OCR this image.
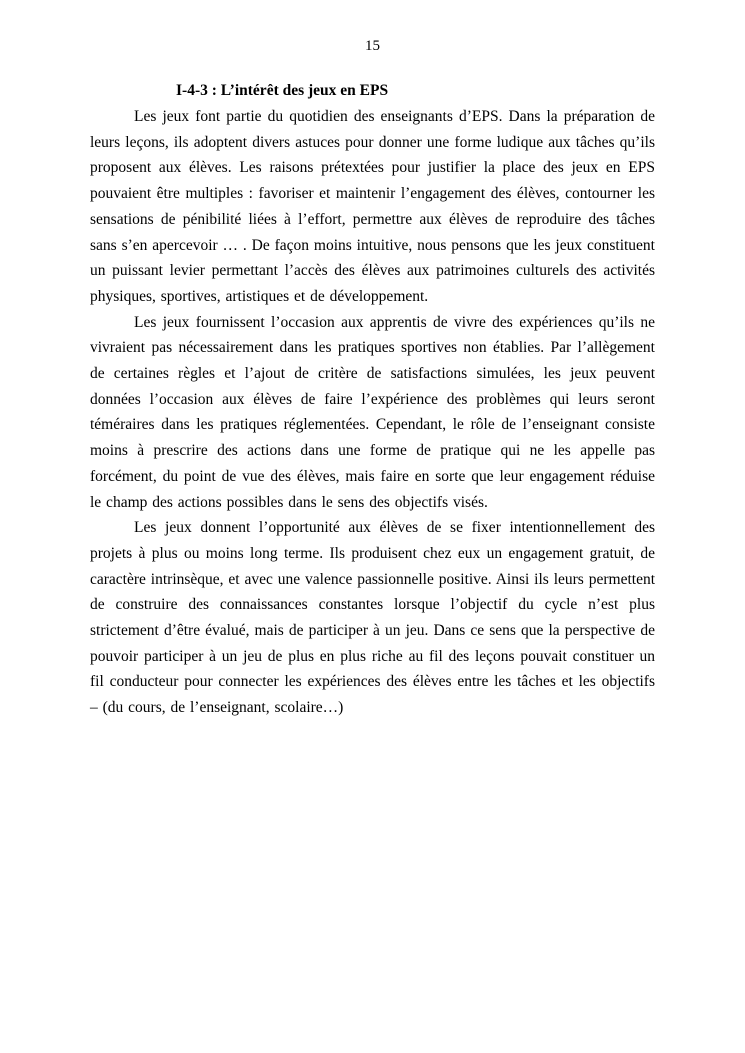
15
I-4-3 : L’intérêt des jeux en EPS

Les jeux font partie du quotidien des enseignants d’EPS. Dans la préparation de leurs leçons, ils adoptent divers astuces pour donner une forme ludique aux tâches qu’ils proposent aux élèves. Les raisons prétextées pour justifier la place des jeux en EPS pouvaient être multiples : favoriser et maintenir l’engagement des élèves, contourner les sensations de pénibilité liées à l’effort, permettre aux élèves de reproduire des tâches sans s’en apercevoir … . De façon moins intuitive, nous pensons que les jeux constituent un puissant levier permettant l’accès des élèves aux patrimoines culturels des activités physiques, sportives, artistiques et de développement.

Les jeux fournissent l’occasion aux apprentis de vivre des expériences qu’ils ne vivraient pas nécessairement dans les pratiques sportives non établies. Par l’allègement de certaines règles et l’ajout de critère de satisfactions simulées, les jeux peuvent données l’occasion aux élèves de faire l’expérience des problèmes qui leurs seront téméraires dans les pratiques réglementées. Cependant, le rôle de l’enseignant consiste moins à prescrire des actions dans une forme de pratique qui ne les appelle pas forcément, du point de vue des élèves, mais faire en sorte que leur engagement réduise le champ des actions possibles dans le sens des objectifs visés.

Les jeux donnent l’opportunité aux élèves de se fixer intentionnellement des projets à plus ou moins long terme. Ils produisent chez eux un engagement gratuit, de caractère intrinsèque, et avec une valence passionnelle positive. Ainsi ils leurs permettent de construire des connaissances constantes lorsque l’objectif du cycle n’est plus strictement d’être évalué, mais de participer à un jeu. Dans ce sens que la perspective de pouvoir participer à un jeu de plus en plus riche au fil des leçons pouvait constituer un fil conducteur pour connecter les expériences des élèves entre les tâches et les objectifs – (du cours, de l’enseignant, scolaire…)
